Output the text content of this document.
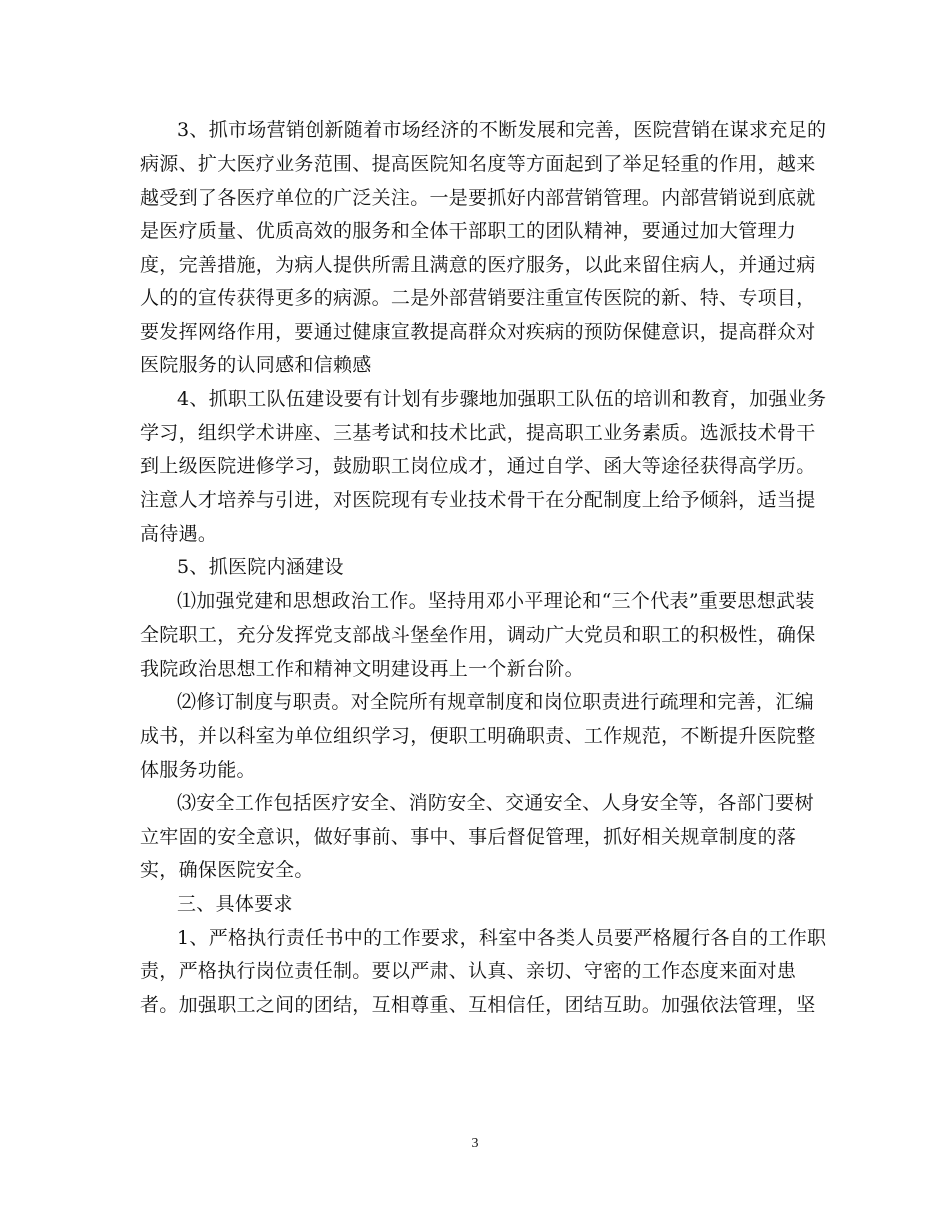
3、抓市场营销创新随着市场经济的不断发展和完善，医院营销在谋求充足的
病源、扩大医疗业务范围、提高医院知名度等方面起到了举足轻重的作用，越来
越受到了各医疗单位的广泛关注。一是要抓好内部营销管理。内部营销说到底就
是医疗质量、优质高效的服务和全体干部职工的团队精神，要通过加大管理力
度，完善措施，为病人提供所需且满意的医疗服务，以此来留住病人，并通过病
人的的宣传获得更多的病源。二是外部营销要注重宣传医院的新、特、专项目，
要发挥网络作用，要通过健康宣教提高群众对疾病的预防保健意识，提高群众对
医院服务的认同感和信赖感
4、抓职工队伍建设要有计划有步骤地加强职工队伍的培训和教育，加强业务
学习，组织学术讲座、三基考试和技术比武，提高职工业务素质。选派技术骨干
到上级医院进修学习，鼓励职工岗位成才，通过自学、函大等途径获得高学历。
注意人才培养与引进，对医院现有专业技术骨干在分配制度上给予倾斜，适当提
高待遇。
5、抓医院内涵建设
⑴加强党建和思想政治工作。坚持用邓小平理论和“三个代表”重要思想武装
全院职工，充分发挥党支部战斗堡垒作用，调动广大党员和职工的积极性，确保
我院政治思想工作和精神文明建设再上一个新台阶。
⑵修订制度与职责。对全院所有规章制度和岗位职责进行疏理和完善，汇编
成书，并以科室为单位组织学习，便职工明确职责、工作规范，不断提升医院整
体服务功能。
⑶安全工作包括医疗安全、消防安全、交通安全、人身安全等，各部门要树
立牢固的安全意识，做好事前、事中、事后督促管理，抓好相关规章制度的落
实，确保医院安全。
三、具体要求
1、严格执行责任书中的工作要求，科室中各类人员要严格履行各自的工作职
责，严格执行岗位责任制。要以严肃、认真、亲切、守密的工作态度来面对患
者。加强职工之间的团结，互相尊重、互相信任，团结互助。加强依法管理，坚
3
